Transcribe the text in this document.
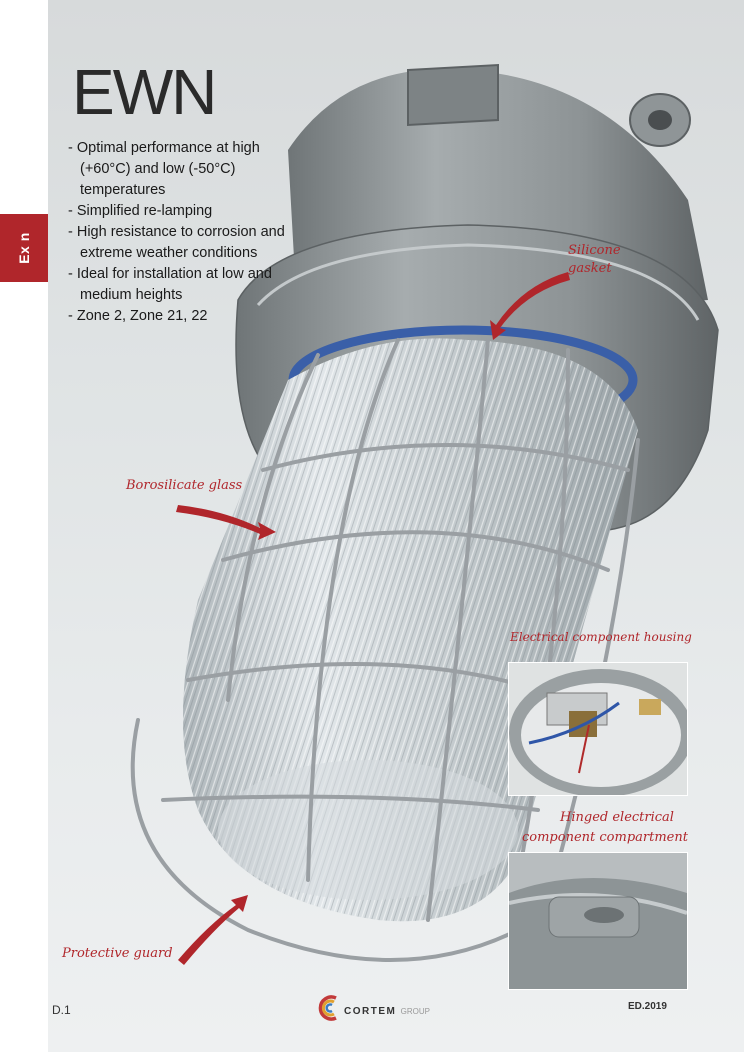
Ex n
EWN
- Optimal performance at high (+60°C) and low (-50°C) temperatures
- Simplified re-lamping
- High resistance to corrosion and extreme weather conditions
- Ideal for installation at low and medium heights
- Zone 2, Zone 21, 22
Silicone gasket
Borosilicate glass
Electrical component housing
Hinged electrical
component compartment
Protective guard
D.1	CORTEM GROUP	ED.2019
